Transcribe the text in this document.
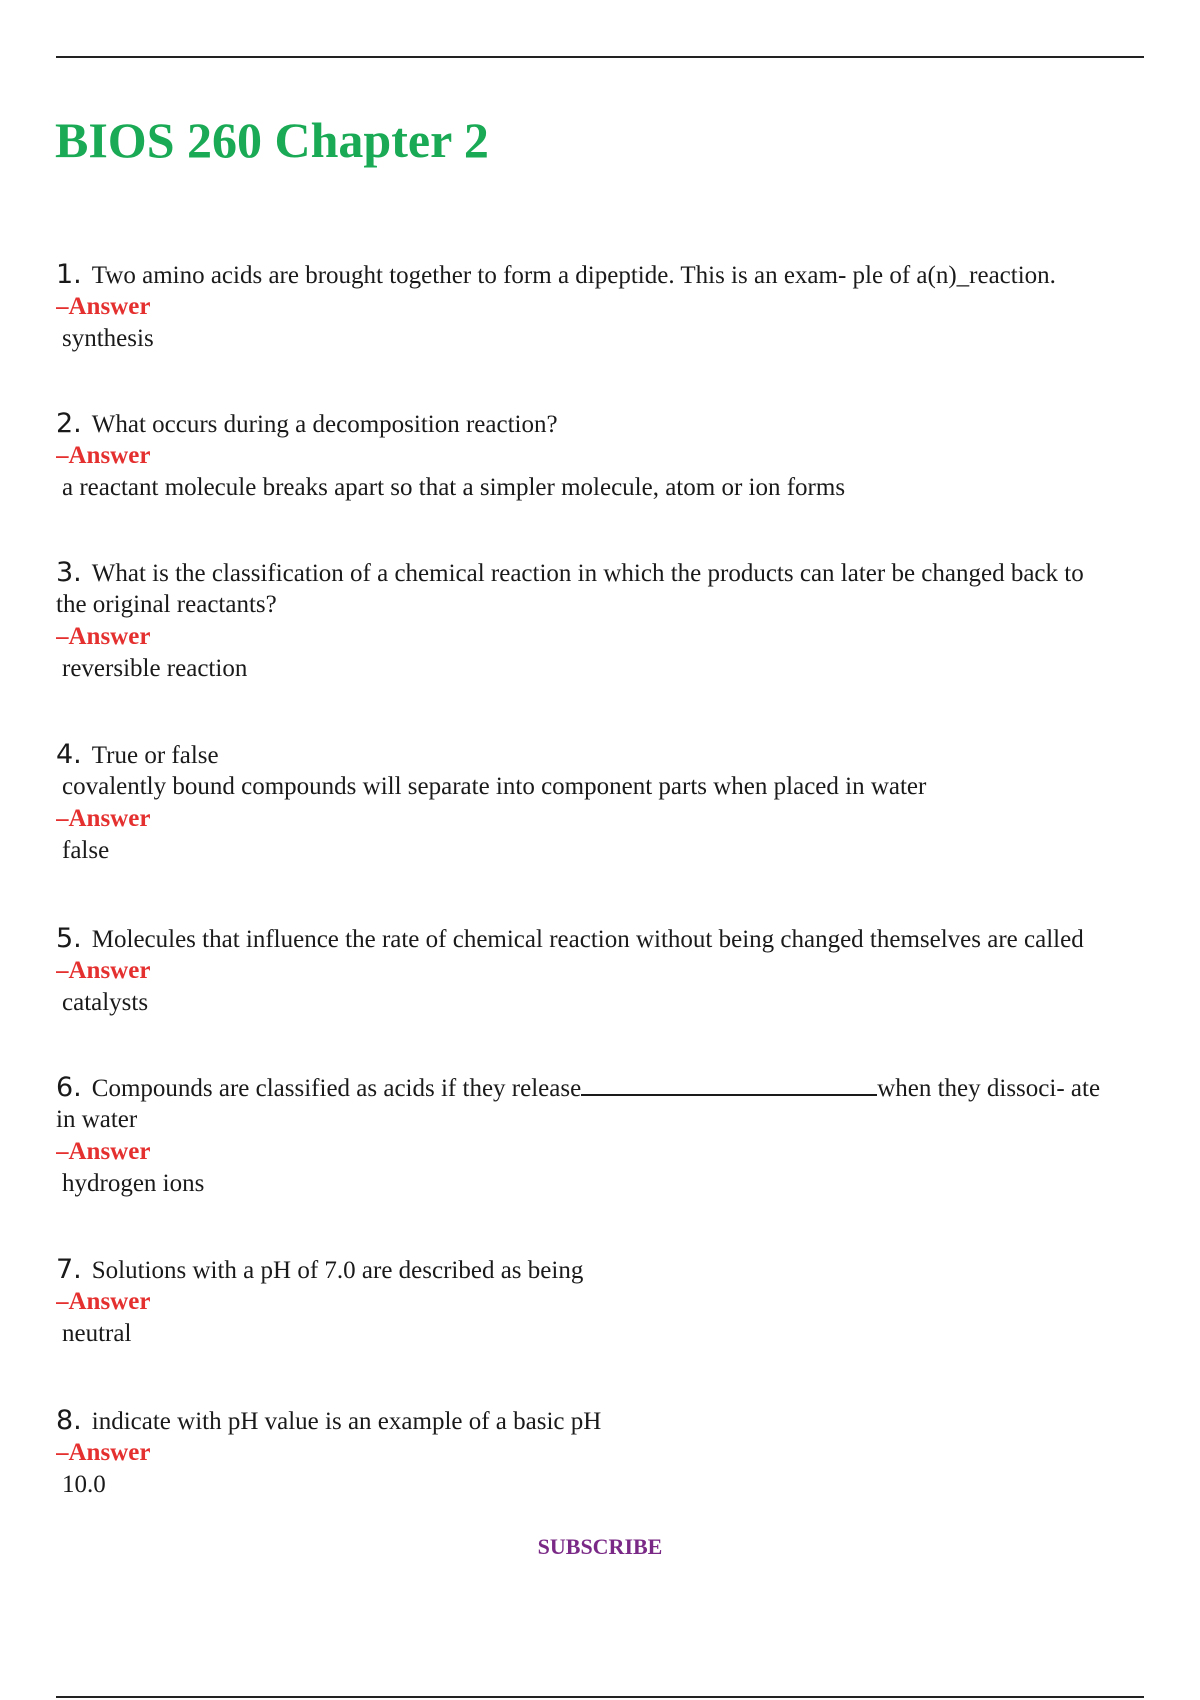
BIOS 260 Chapter 2
1. Two amino acids are brought together to form a dipeptide. This is an exam- ple of a(n)_reaction.
–Answer
synthesis
2. What occurs during a decomposition reaction?
–Answer
a reactant molecule breaks apart so that a simpler molecule, atom or ion forms
3. What is the classification of a chemical reaction in which the products can later be changed back to
the original reactants?
–Answer
reversible reaction
4. True or false
covalently bound compounds will separate into component parts when placed in water
–Answer
false
5. Molecules that influence the rate of chemical reaction without being changed themselves are called
–Answer
catalysts
6. Compounds are classified as acids if they release	when they dissoci- ate
in water
–Answer
hydrogen ions
7. Solutions with a pH of 7.0 are described as being
–Answer
neutral
8. indicate with pH value is an example of a basic pH
–Answer
10.0
SUBSCRIBE
